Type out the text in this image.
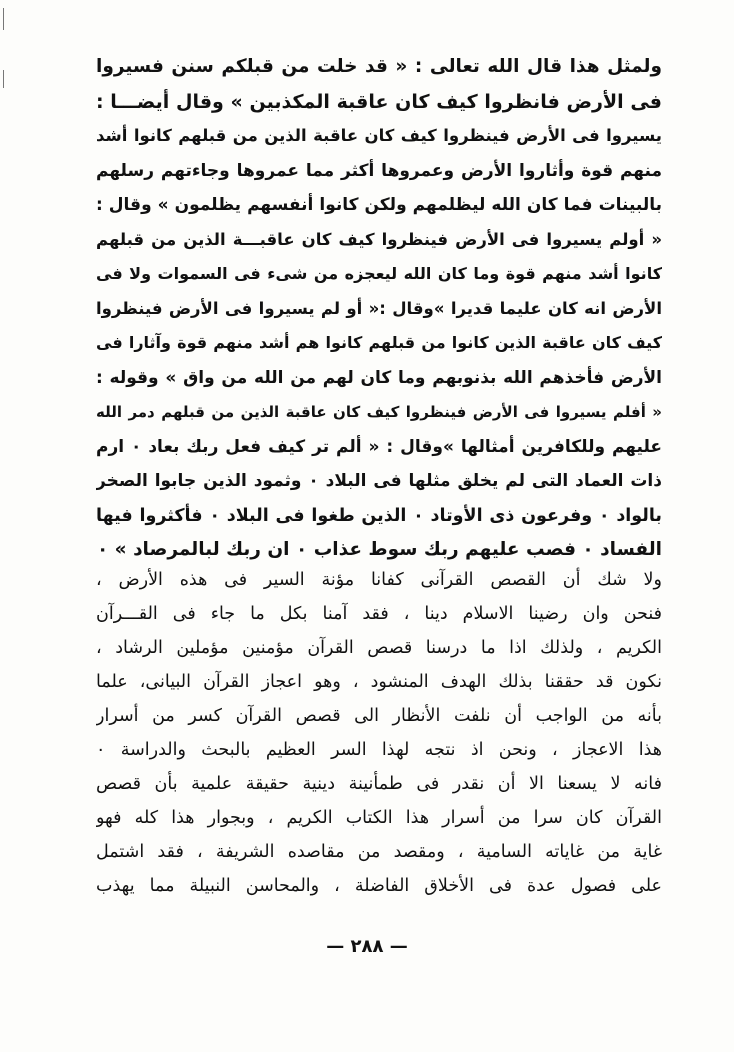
ولمثل هذا قال الله تعالى : « قد خلت من قبلكم سنن فسيروا
فى الأرض فانظروا كيف كان عاقبة المكذبين » وقال أيضـــا :
يسيروا فى الأرض فينظروا كيف كان عاقبة الذين من قبلهم كانوا أشد
منهم قوة وأثاروا الأرض وعمروها أكثر مما عمروها وجاءتهم رسلهم
بالبينات فما كان الله ليظلمهم ولكن كانوا أنفسهم يظلمون » وقال :
« أولم يسيروا فى الأرض فينظروا كيف كان عاقبـــة الذين من قبلهم
كانوا أشد منهم قوة وما كان الله ليعجزه من شىء فى السموات ولا فى
الأرض انه كان عليما قديرا »وقال :« أو لم يسيروا فى الأرض فينظروا
كيف كان عاقبة الذين كانوا من قبلهم كانوا هم أشد منهم قوة وآثارا فى
الأرض فأخذهم الله بذنوبهم وما كان لهم من الله من واق » وقوله :
« أفلم يسيروا فى الأرض فينظروا كيف كان عاقبة الذين من قبلهم دمر الله
عليهم وللكافرين أمثالها »وقال : « ألم تر كيف فعل ربك بعاد ٠ ارم
ذات العماد التى لم يخلق مثلها فى البلاد ٠ وثمود الذين جابوا الصخر
بالواد ٠ وفرعون ذى الأوتاد ٠ الذين طغوا فى البلاد ٠ فأكثروا فيها
الفساد ٠ فصب عليهم ربك سوط عذاب ٠ ان ربك لبالمرصاد » ٠
ولا شك أن القصص القرآنى كفانا مؤنة السير فى هذه الأرض ،
فنحن وان رضينا الاسلام دينا ، فقد آمنا بكل ما جاء فى القـــرآن
الكريم ، ولذلك اذا ما درسنا قصص القرآن مؤمنين مؤملين الرشاد ،
نكون قد حققنا بذلك الهدف المنشود ، وهو اعجاز القرآن البيانى، علما
بأنه من الواجب أن نلفت الأنظار الى قصص القرآن كسر من أسرار
هذا الاعجاز ، ونحن اذ نتجه لهذا السر العظيم بالبحث والدراسة ٠
فانه لا يسعنا الا أن نقدر فى طمأنينة دينية حقيقة علمية بأن قصص
القرآن كان سرا من أسرار هذا الكتاب الكريم ، وبجوار هذا كله فهو
غاية من غاياته السامية ، ومقصد من مقاصده الشريفة ، فقد اشتمل
على فصول عدة فى الأخلاق الفاضلة ، والمحاسن النبيلة مما يهذب
— ٢٨٨ —
